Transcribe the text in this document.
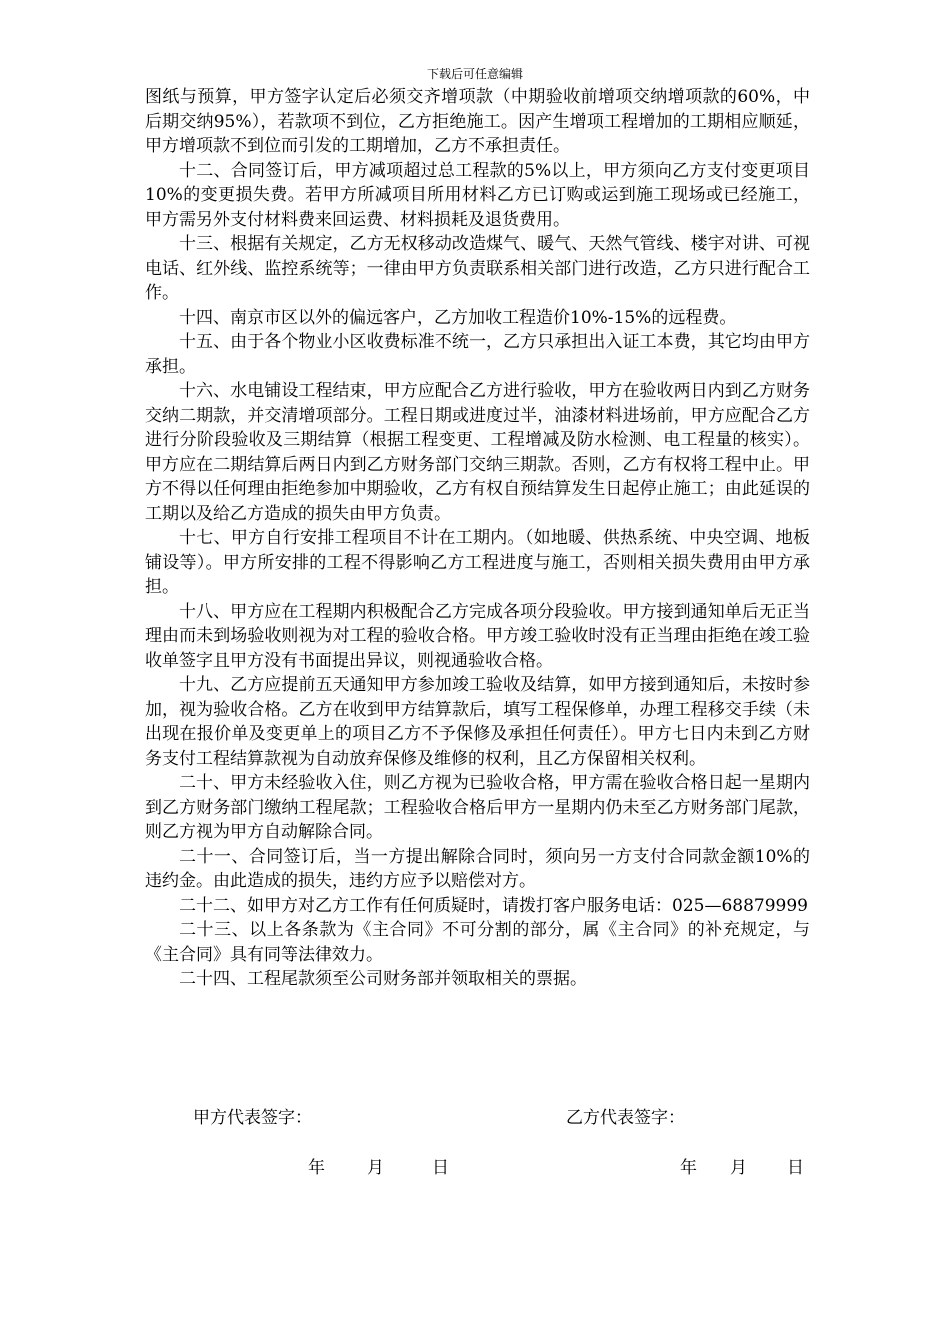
下载后可任意编辑

图纸与预算，甲方签字认定后必须交齐增项款（中期验收前增项交纳增项款的60%，中后期交纳95%），若款项不到位，乙方拒绝施工。因产生增项工程增加的工期相应顺延，甲方增项款不到位而引发的工期增加，乙方不承担责任。

十二、合同签订后，甲方减项超过总工程款的5%以上，甲方须向乙方支付变更项目10%的变更损失费。若甲方所减项目所用材料乙方已订购或运到施工现场或已经施工，甲方需另外支付材料费来回运费、材料损耗及退货费用。

十三、根据有关规定，乙方无权移动改造煤气、暖气、天然气管线、楼宇对讲、可视电话、红外线、监控系统等；一律由甲方负责联系相关部门进行改造，乙方只进行配合工作。

十四、南京市区以外的偏远客户，乙方加收工程造价10%-15%的远程费。

十五、由于各个物业小区收费标准不统一，乙方只承担出入证工本费，其它均由甲方承担。

十六、水电铺设工程结束，甲方应配合乙方进行验收，甲方在验收两日内到乙方财务交纳二期款，并交清增项部分。工程日期或进度过半，油漆材料进场前，甲方应配合乙方进行分阶段验收及三期结算（根据工程变更、工程增减及防水检测、电工程量的核实）。甲方应在二期结算后两日内到乙方财务部门交纳三期款。否则，乙方有权将工程中止。甲方不得以任何理由拒绝参加中期验收，乙方有权自预结算发生日起停止施工；由此延误的工期以及给乙方造成的损失由甲方负责。

十七、甲方自行安排工程项目不计在工期内。（如地暖、供热系统、中央空调、地板铺设等）。甲方所安排的工程不得影响乙方工程进度与施工，否则相关损失费用由甲方承担。

十八、甲方应在工程期内积极配合乙方完成各项分段验收。甲方接到通知单后无正当理由而未到场验收则视为对工程的验收合格。甲方竣工验收时没有正当理由拒绝在竣工验收单签字且甲方没有书面提出异议，则视通验收合格。

十九、乙方应提前五天通知甲方参加竣工验收及结算，如甲方接到通知后，未按时参加，视为验收合格。乙方在收到甲方结算款后，填写工程保修单，办理工程移交手续（未出现在报价单及变更单上的项目乙方不予保修及承担任何责任）。甲方七日内未到乙方财务支付工程结算款视为自动放弃保修及维修的权利，且乙方保留相关权利。

二十、甲方未经验收入住，则乙方视为已验收合格，甲方需在验收合格日起一星期内到乙方财务部门缴纳工程尾款；工程验收合格后甲方一星期内仍未至乙方财务部门尾款，则乙方视为甲方自动解除合同。

二十一、合同签订后，当一方提出解除合同时，须向另一方支付合同款金额10%的违约金。由此造成的损失，违约方应予以赔偿对方。

二十二、如甲方对乙方工作有任何质疑时，请拨打客户服务电话：025—68879999

二十三、以上各条款为《主合同》不可分割的部分，属《主合同》的补充规定，与《主合同》具有同等法律效力。

二十四、工程尾款须至公司财务部并领取相关的票据。

甲方代表签字：	乙方代表签字：
年 月	日	年 月 日
